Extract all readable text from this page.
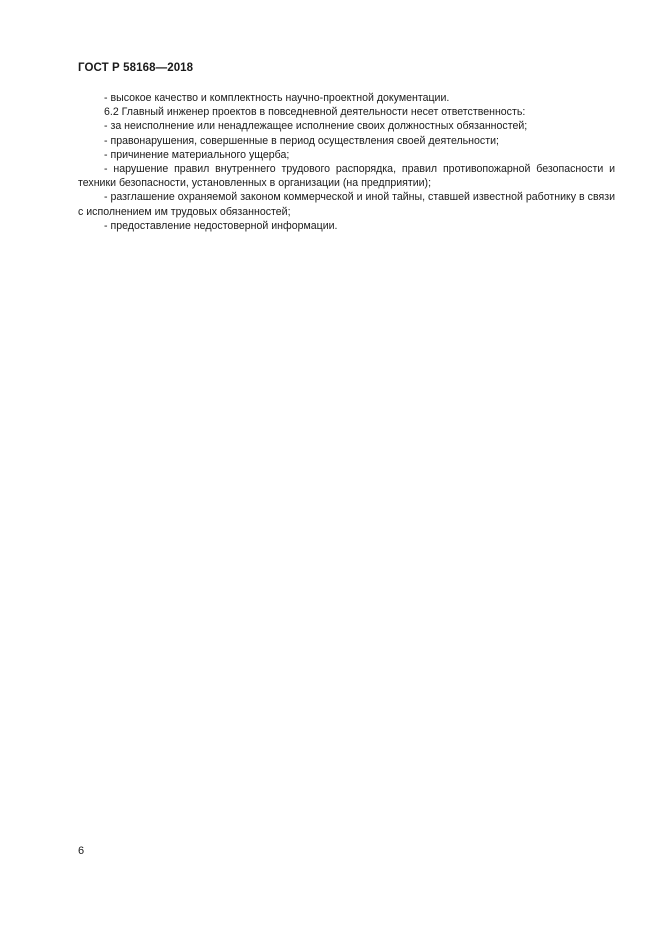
ГОСТ Р 58168—2018

- высокое качество и комплектность научно-проектной документации.

6.2 Главный инженер проектов в повседневной деятельности несет ответственность:

- за неисполнение или ненадлежащее исполнение своих должностных обязанностей;

- правонарушения, совершенные в период осуществления своей деятельности;

- причинение материального ущерба;

- нарушение правил внутреннего трудового распорядка, правил противопожарной безопасности и техники безопасности, установленных в организации (на предприятии);

- разглашение охраняемой законом коммерческой и иной тайны, ставшей известной работнику в связи с исполнением им трудовых обязанностей;

- предоставление недостоверной информации.

6
